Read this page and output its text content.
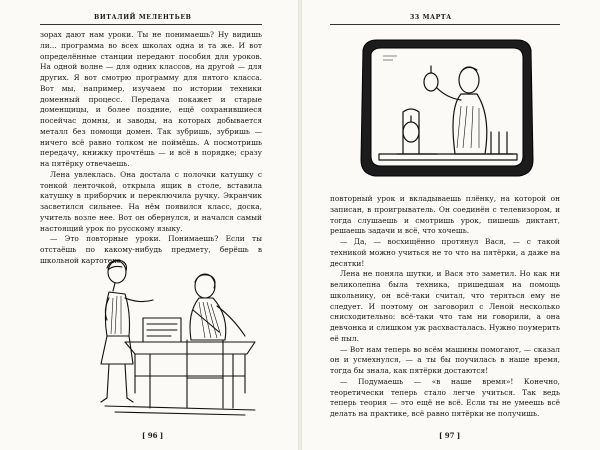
ВИТАЛИЙ МЕЛЕНТЬЕВ

зорах дают нам уроки. Ты не понимаешь? Ну видишь ли... программа во всех школах одна и та же. И вот определённые станции передают пособия для уроков. На одной волне — для одних классов, на другой — для других. Я вот смотрю программу для пятого класса. Вот мы, например, изучаем по истории техники доменный процесс. Передача покажет и старые доменщицы, и более поздние, ещё сохранившиеся посейчас домны, и заводы, на которых добывается металл без помощи домен. Так зубришь, зубришь — ничего всё равно толком не поймёшь. А посмотришь передачу, книжку прочтёшь — и всё в порядке; сразу на пятёрку отвечаешь.

Лена увлеклась. Она достала с полочки катушку с тонкой ленточкой, открыла ящик в столе, вставила катушку в приборчик и переключила ручку. Экранчик засветился сильнее. На нём появился класс, доска, учитель возле нее. Вот он обернулся, и начался самый настоящий урок по русскому языку.

— Это повторные уроки. Понимаешь? Если ты отстаёшь по какому-нибудь предмету, берёшь в школьной картотеке

[ 96 ]
33 МАРТА

повторный урок и вкладываешь плёнку, на которой он записан, в проигрыватель. Он соединён с телевизором, и тогда слушаешь и смотришь урок, пишешь диктант, решаешь задачи и всё, что хочешь.

— Да, — восхищённо протянул Вася, — с такой техникой можно учиться не то что на пятёрки, а даже на десятки!

Лена не поняла шутки, и Вася это заметил. Но как ни великолепна была техника, пришедшая на помощь школьнику, он всё-таки считал, что теряться ему не следует. И поэтому он заговорил с Леной несколько снисходительно: всё-таки что там ни говорили, а она девчонка и слишком уж расхвасталась. Нужно поумерить её пыл.

— Вот нам теперь во всём машины помогают, — сказал он и усмехнулся, — а ты бы поучилась в наше время, тогда бы знала, как пятёрки достаются!

— Подумаешь — «в наше время»! Конечно, теоретически теперь стало легче учиться. Так ведь теперь теория — это ещё не всё. Если ты не умеешь всё делать на практике, всё равно пятёрки не получишь.

[ 97 ]
